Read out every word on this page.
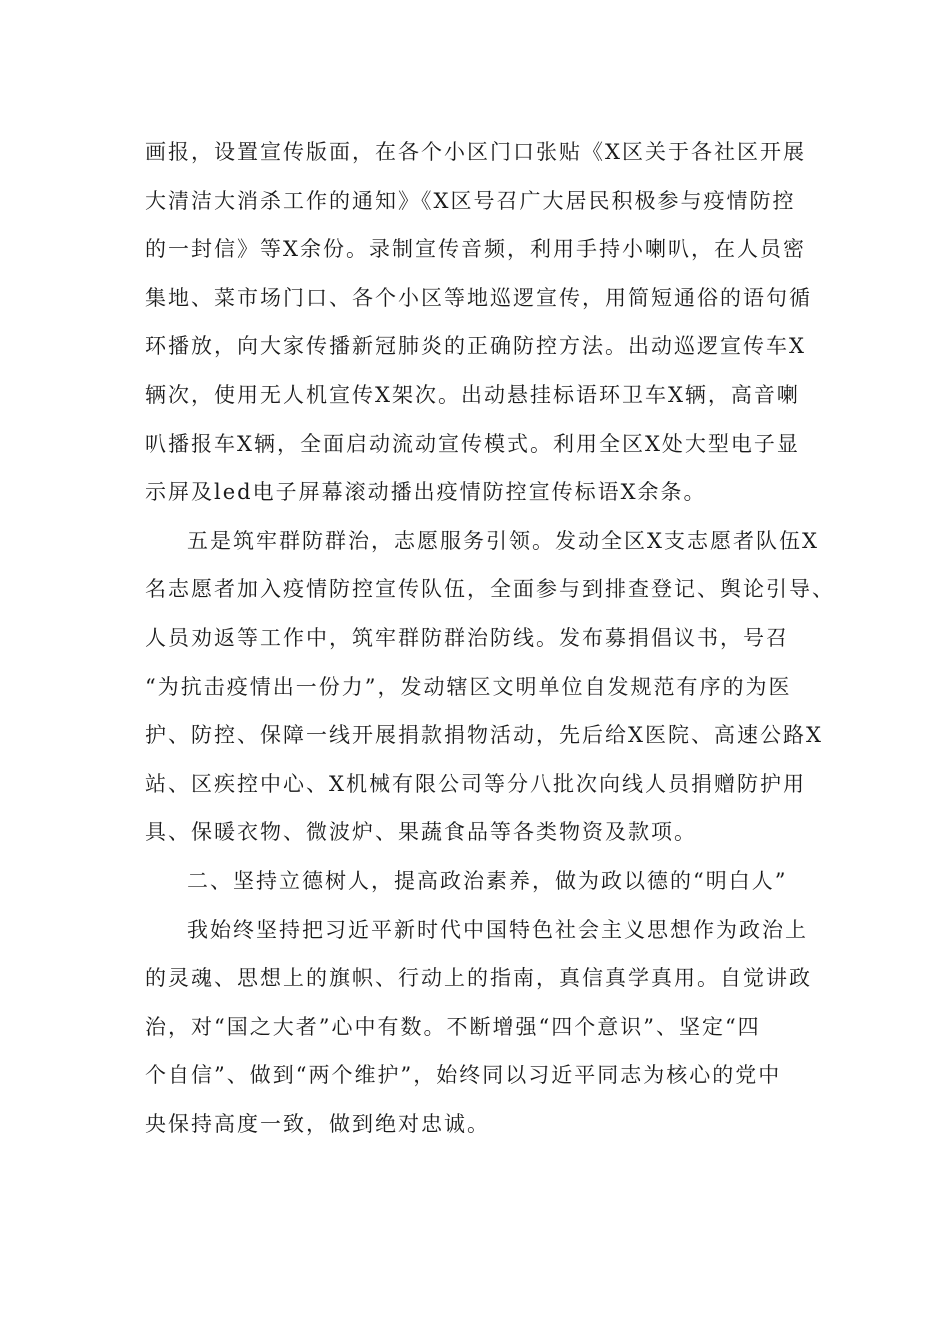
画报，设置宣传版面，在各个小区门口张贴《X区关于各社区开展
大清洁大消杀工作的通知》《X区号召广大居民积极参与疫情防控
的一封信》等X余份。录制宣传音频，利用手持小喇叭，在人员密
集地、菜市场门口、各个小区等地巡逻宣传，用简短通俗的语句循
环播放，向大家传播新冠肺炎的正确防控方法。出动巡逻宣传车X
辆次，使用无人机宣传X架次。出动悬挂标语环卫车X辆，高音喇
叭播报车X辆，全面启动流动宣传模式。利用全区X处大型电子显
示屏及led电子屏幕滚动播出疫情防控宣传标语X余条。
五是筑牢群防群治，志愿服务引领。发动全区X支志愿者队伍X
名志愿者加入疫情防控宣传队伍，全面参与到排查登记、舆论引导、
人员劝返等工作中，筑牢群防群治防线。发布募捐倡议书，号召
“为抗击疫情出一份力”，发动辖区文明单位自发规范有序的为医
护、防控、保障一线开展捐款捐物活动，先后给X医院、高速公路X
站、区疾控中心、X机械有限公司等分八批次向线人员捐赠防护用
具、保暖衣物、微波炉、果蔬食品等各类物资及款项。
二、坚持立德树人，提高政治素养，做为政以德的“明白人”
我始终坚持把习近平新时代中国特色社会主义思想作为政治上
的灵魂、思想上的旗帜、行动上的指南，真信真学真用。自觉讲政
治，对“国之大者”心中有数。不断增强“四个意识”、坚定“四
个自信”、做到“两个维护”，始终同以习近平同志为核心的党中
央保持高度一致，做到绝对忠诚。
